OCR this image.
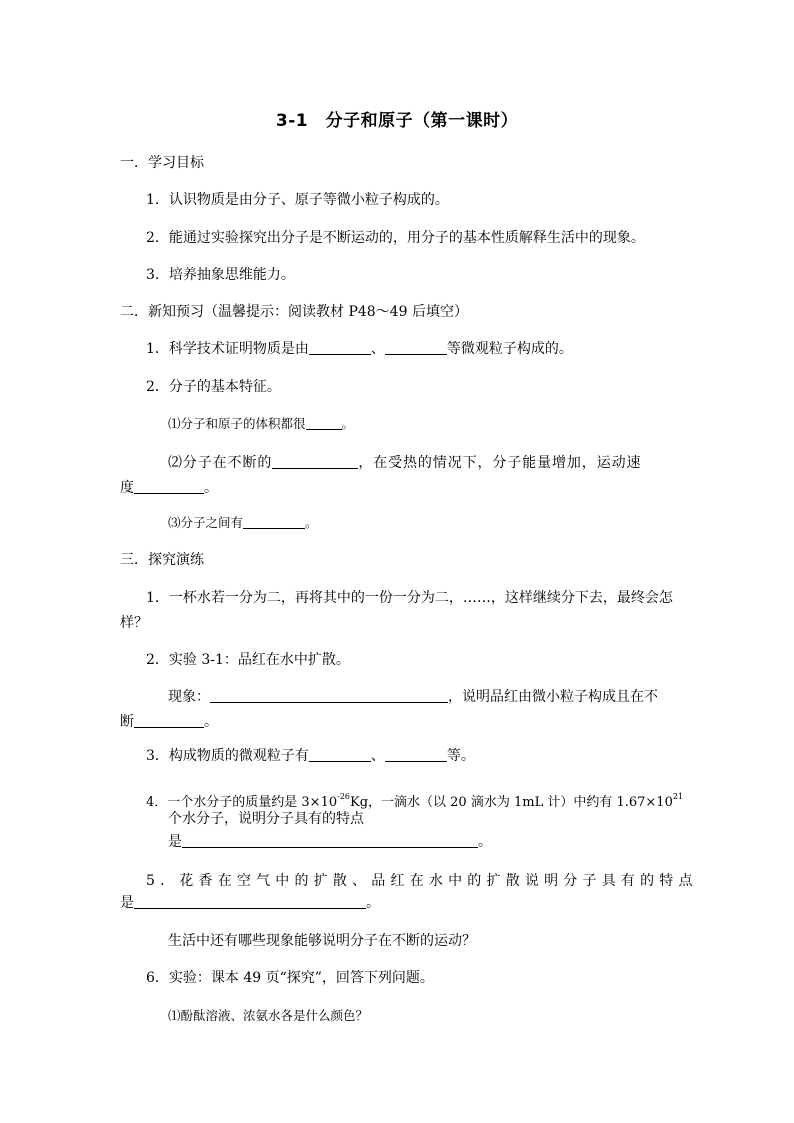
3-1　分子和原子（第一课时）
一．学习目标
1．认识物质是由分子、原子等微小粒子构成的。
2．能通过实验探究出分子是不断运动的，用分子的基本性质解释生活中的现象。
3．培养抽象思维能力。
二．新知预习（温馨提示：阅读教材 P48～49 后填空）
1．科学技术证明物质是由	、	等微观粒子构成的。
2．分子的基本特征。
⑴分子和原子的体积都很	。
⑵分子在不断的	，在受热的情况下，分子能量增加，运动速
度	。
⑶分子之间有	。
三．探究演练
1．一杯水若一分为二，再将其中的一份一分为二，……，这样继续分下去，最终会怎
样？
2．实验 3-1：品红在水中扩散。
现象：	，说明品红由微小粒子构成且在不
断	。
3．构成物质的微观粒子有	、	等。
4．一个水分子的质量约是 $3\times 10^{-26}Kg$，一滴水（以 20 滴水为 1mL 计）中约有 $1.67\times 10^{21}$
个水分子，说明分子具有的特点
是	。
5．花香在空气中的扩散、品红在水中的扩散说明分子具有的特点
是	。
生活中还有哪些现象能够说明分子在不断的运动？
6．实验：课本 49 页“探究”，回答下列问题。
⑴酚酞溶液、浓氨水各是什么颜色？
